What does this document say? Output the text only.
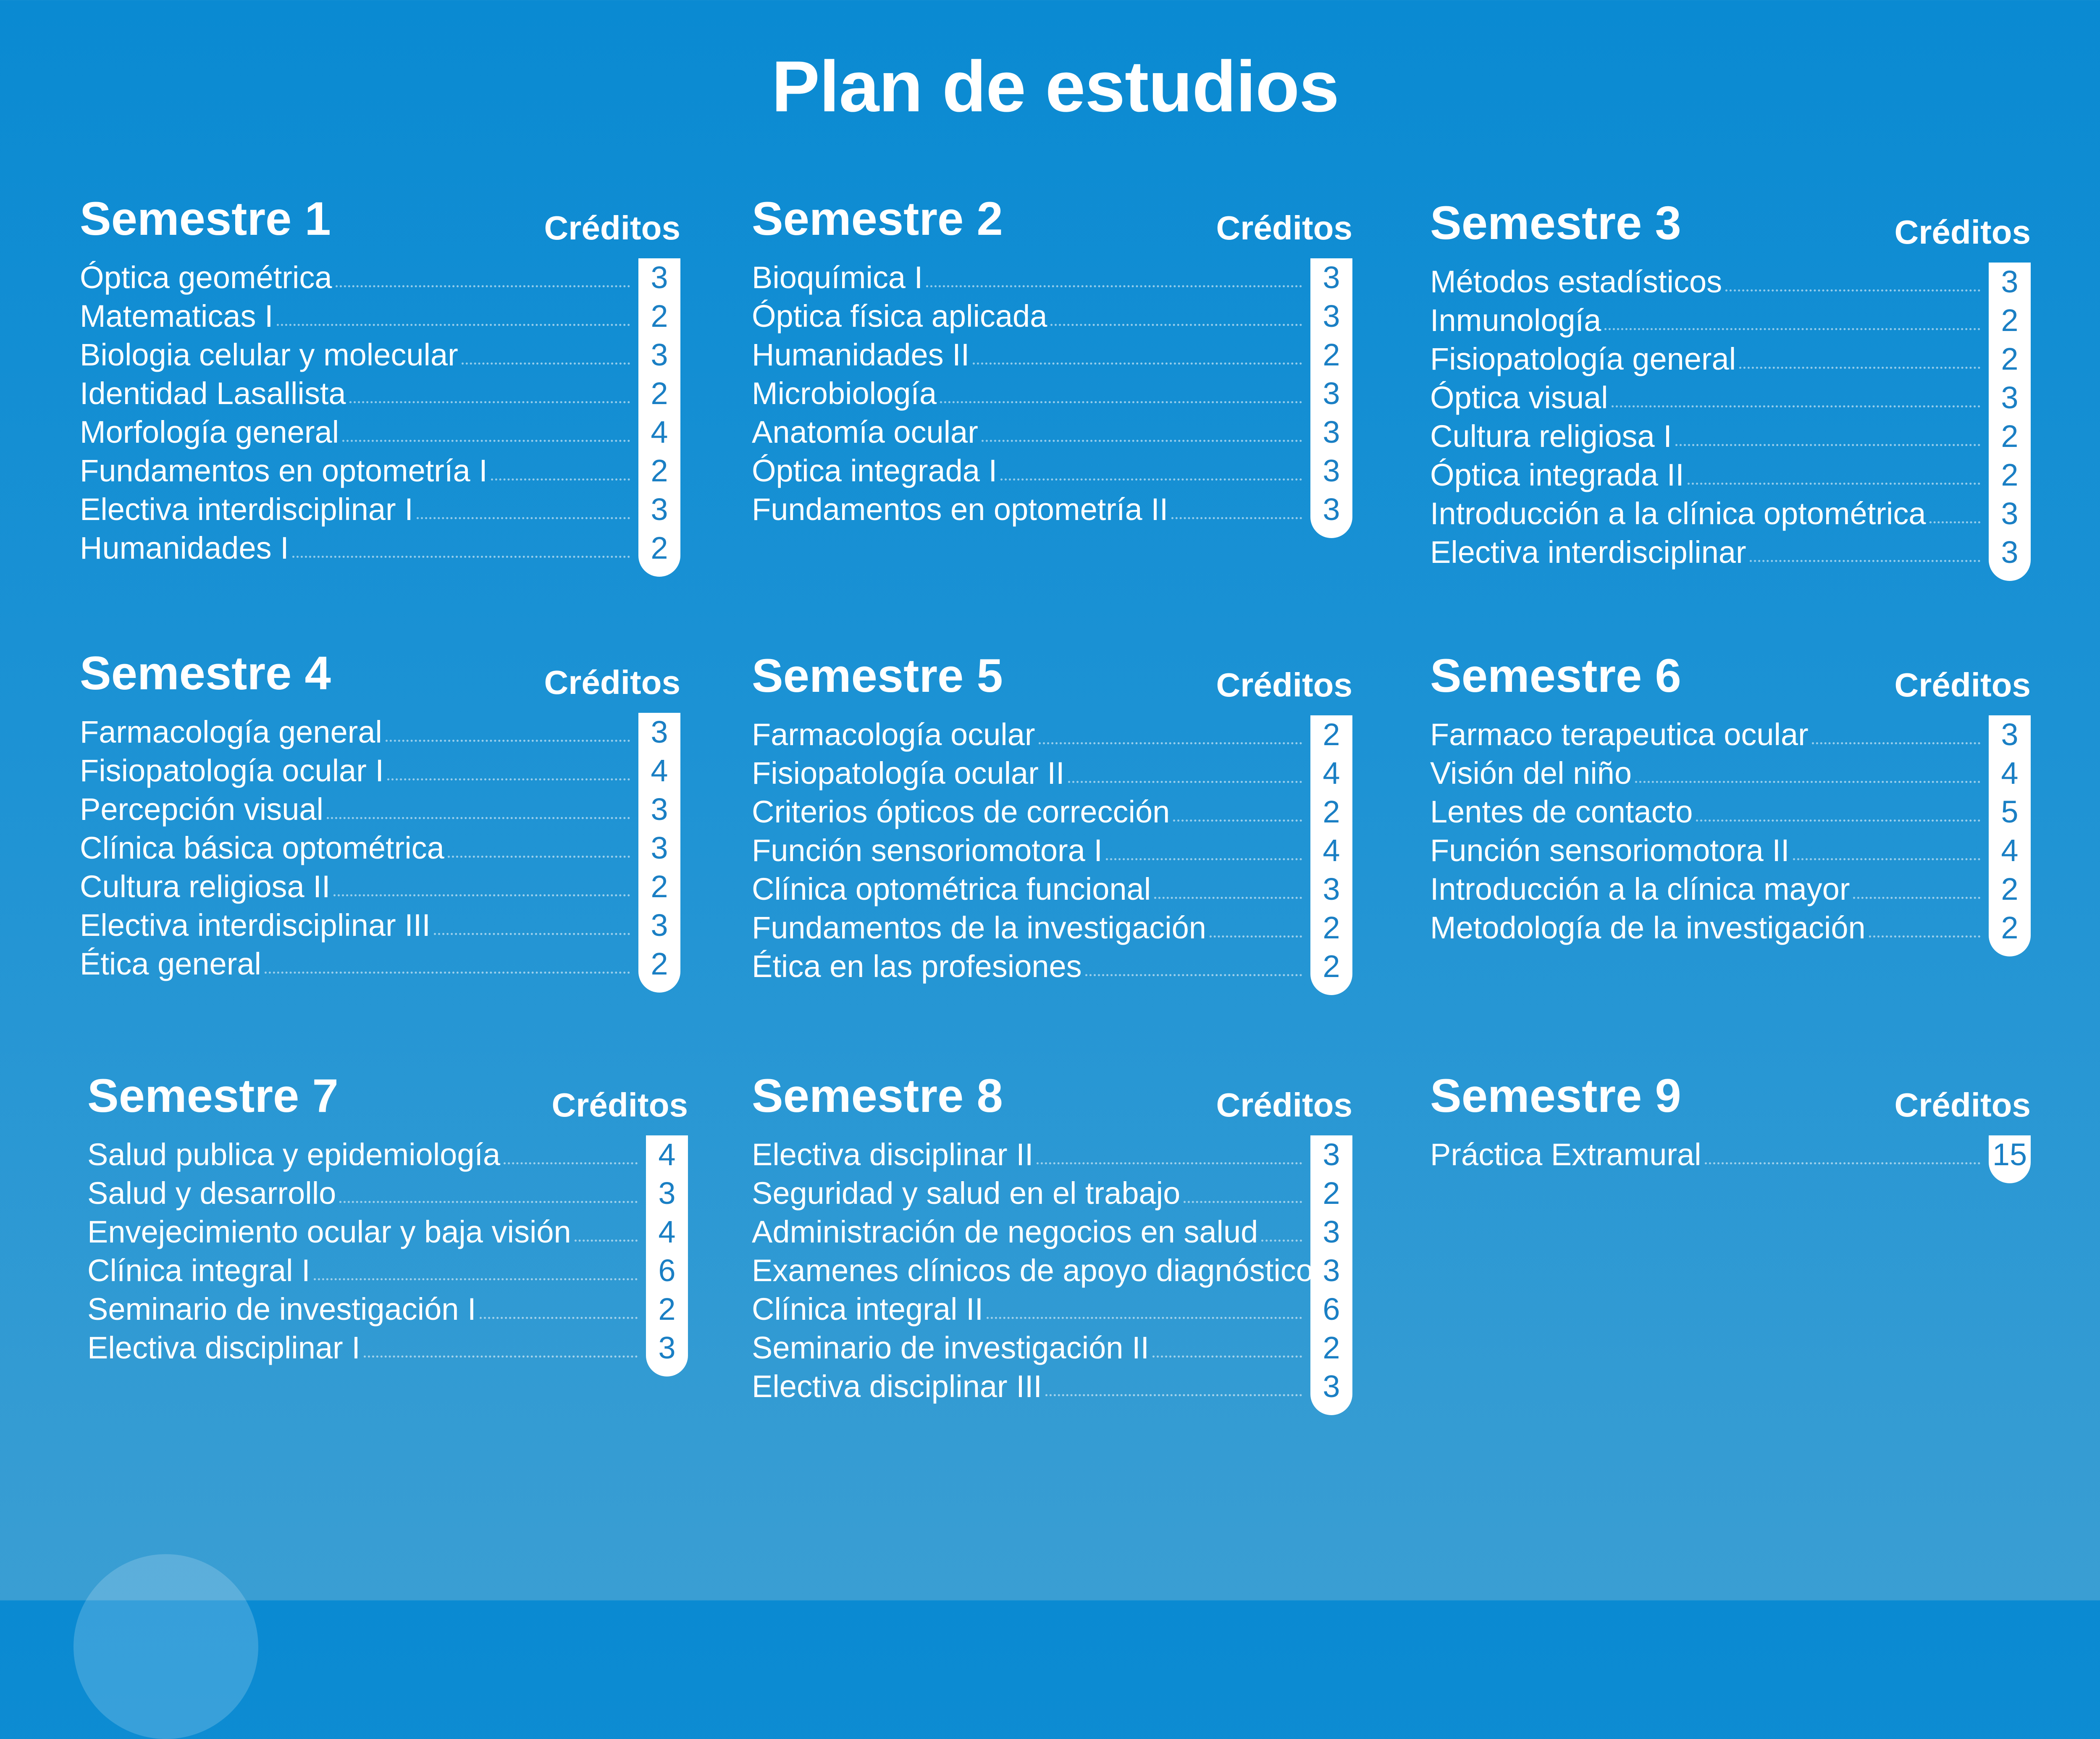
Plan de estudios
Semestre 1	Créditos
Óptica geométrica	3
Matematicas I	2
Biologia celular y molecular	3
Identidad Lasallista	2
Morfología general	4
Fundamentos en optometría I	2
Electiva interdisciplinar I	3
Humanidades I	2
Semestre 2	Créditos
Bioquímica I	3
Óptica física aplicada	3
Humanidades II	2
Microbiología	3
Anatomía ocular	3
Óptica integrada I	3
Fundamentos en optometría II	3
Semestre 3	Créditos
Métodos estadísticos	3
Inmunología	2
Fisiopatología general	2
Óptica visual	3
Cultura religiosa I	2
Óptica integrada II	2
Introducción a la clínica optométrica	3
Electiva interdisciplinar	3
Semestre 4	Créditos
Farmacología general	3
Fisiopatología ocular I	4
Percepción visual	3
Clínica básica optométrica	3
Cultura religiosa II	2
Electiva interdisciplinar III	3
Ética general	2
Semestre 5	Créditos
Farmacología ocular	2
Fisiopatología ocular II	4
Criterios ópticos de corrección	2
Función sensoriomotora I	4
Clínica optométrica funcional	3
Fundamentos de la investigación	2
Ética en las profesiones	2
Semestre 6	Créditos
Farmaco terapeutica ocular	3
Visión del niño	4
Lentes de contacto	5
Función sensoriomotora II	4
Introducción a la clínica mayor	2
Metodología de la investigación	2
Semestre 7	Créditos
Salud publica y epidemiología	4
Salud y desarrollo	3
Envejecimiento ocular y baja visión	4
Clínica integral I	6
Seminario de investigación I	2
Electiva disciplinar I	3
Semestre 8	Créditos
Electiva disciplinar II	3
Seguridad y salud en el trabajo	2
Administración de negocios en salud	3
Examenes clínicos de apoyo diagnóstico 3
Clínica integral II	6
Seminario de investigación II	2
Electiva disciplinar III	3
Semestre 9	Créditos
Práctica Extramural	15
